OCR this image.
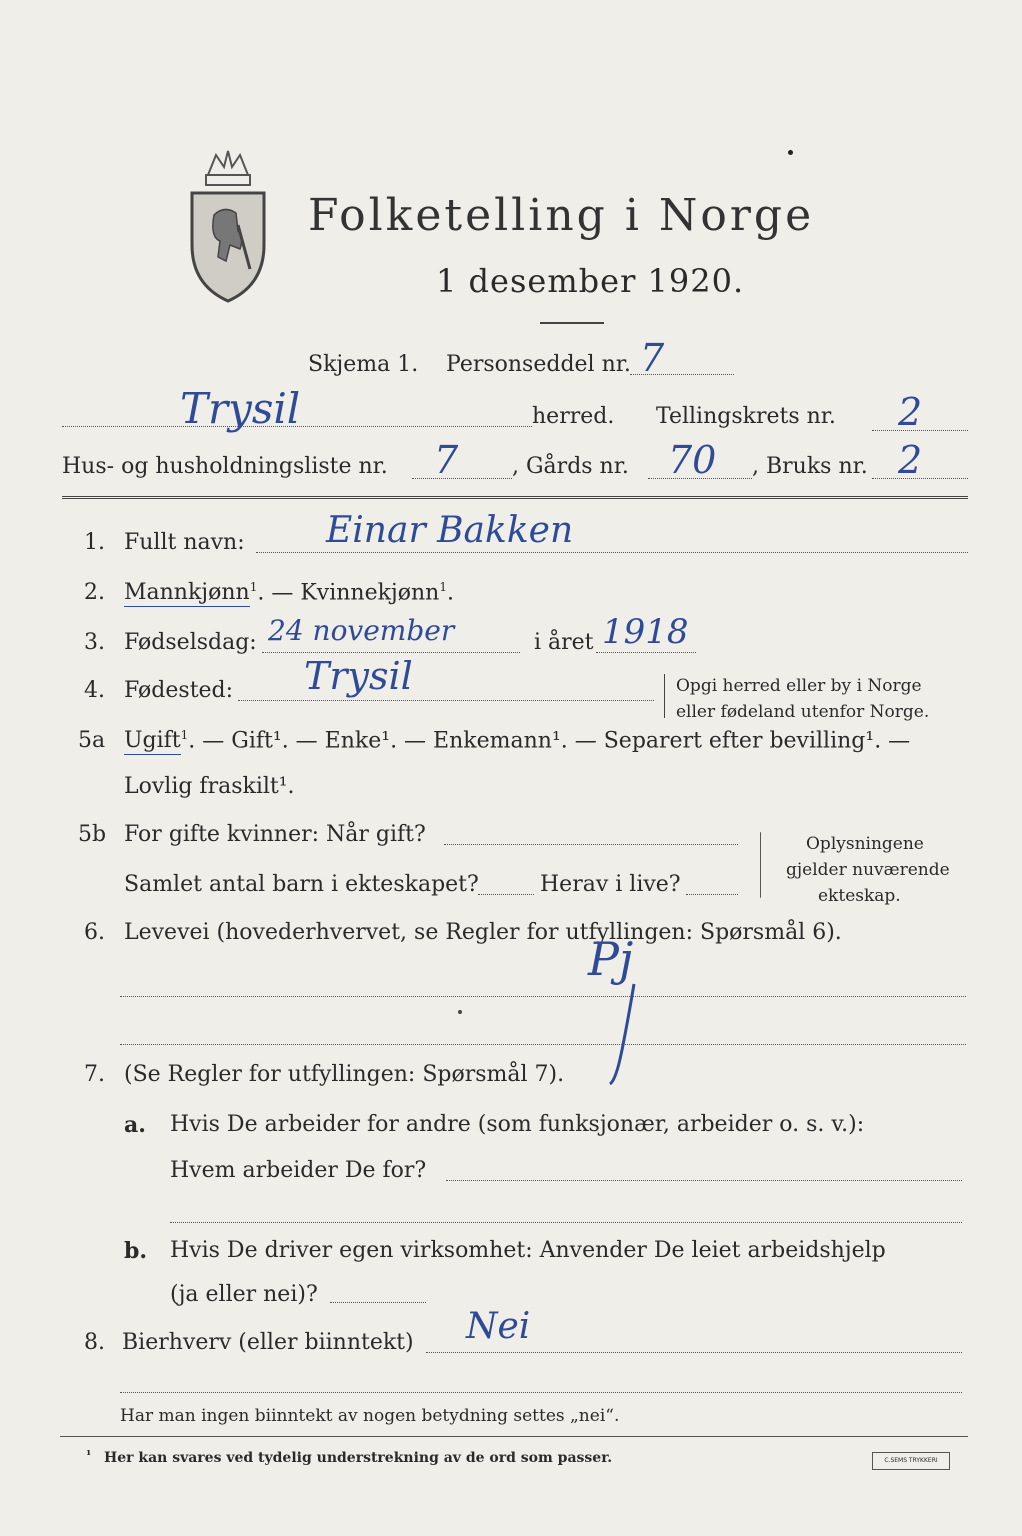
Folketelling i Norge
1 desember 1920.
Skjema 1. Personseddel nr. 7
Trysil	herred. Tellingskrets nr. 2
Hus- og husholdningsliste nr. 7 , Gårds nr. 70 , Bruks nr. 2
1. Fullt navn: Einar Bakken
2. Mannkjønn$^1$. — Kvinnekjønn$^1$.
3. Fødselsdag: 24 november	i året 1918
4. Fødested: Trysil	Opgi herred eller by i Norge
eller fødeland utenfor Norge.
5a Ugift$^1$. — Gift¹. — Enke¹. — Enkemann¹. — Separert efter bevilling¹. —
Lovlig fraskilt¹.
5b For gifte kvinner: Når gift?
Samlet antal barn i ekteskapet?	Herav i live?
Oplysningene
gjelder nuværende
ekteskap.
6. Levevei (hovederhvervet, se Regler for utfyllingen: Spørsmål 6).
Pj
7. (Se Regler for utfyllingen: Spørsmål 7).
a. Hvis De arbeider for andre (som funksjonær, arbeider o. s. v.):
Hvem arbeider De for?
b. Hvis De driver egen virksomhet: Anvender De leiet arbeidshjelp
(ja eller nei)?
8. Bierhverv (eller biinntekt) Nei
Har man ingen biinntekt av nogen betydning settes „nei“.
¹ Her kan svares ved tydelig understrekning av de ord som passer.	C.SEMS TRYKKERI
